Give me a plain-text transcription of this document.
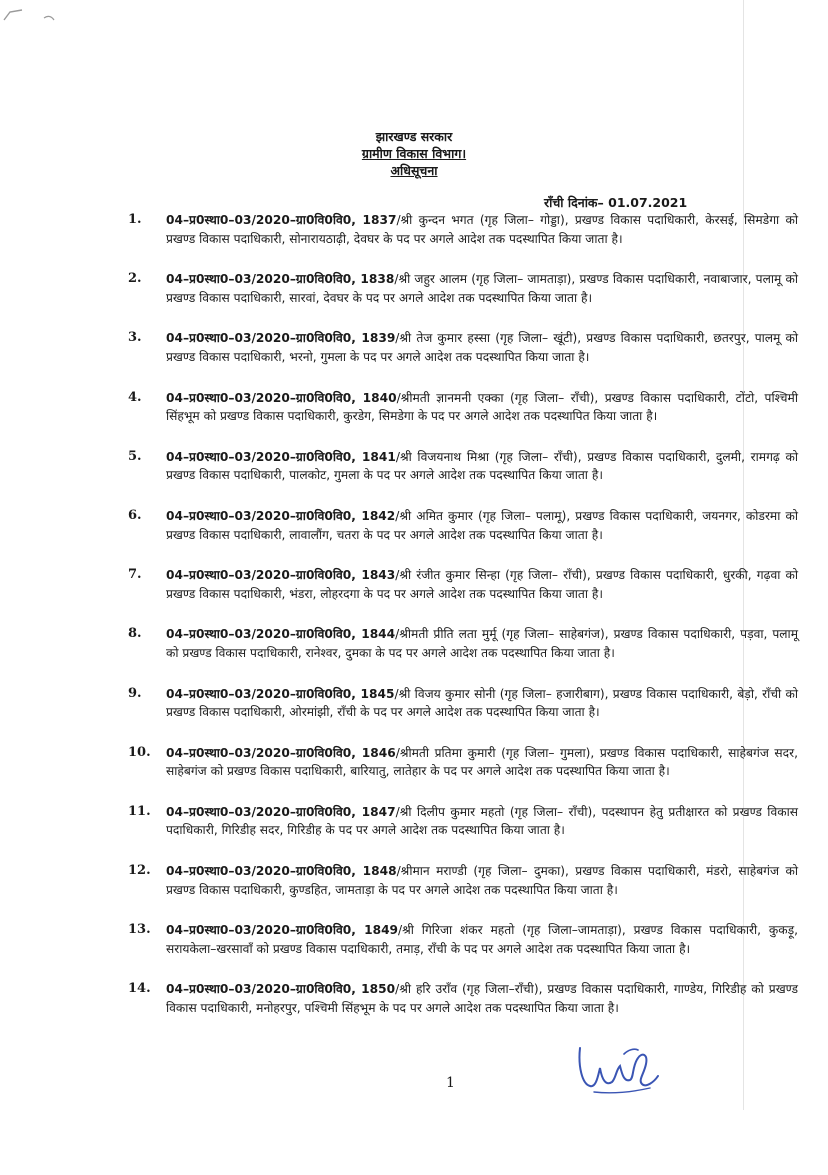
झारखण्ड सरकार
ग्रामीण विकास विभाग।
अधिसूचना
राँची दिनांक– 01.07.2021
1.	04–प्र0स्था0–03/2020–ग्रा0वि0वि0, 1837/श्री कुन्दन भगत (गृह जिला– गोड्डा), प्रखण्ड विकास पदाधिकारी, केरसई, सिमडेगा को प्रखण्ड विकास पदाधिकारी, सोनारायठाढ़ी, देवघर के पद पर अगले आदेश तक पदस्थापित किया जाता है।
2.	04–प्र0स्था0–03/2020–ग्रा0वि0वि0, 1838/श्री जहुर आलम (गृह जिला– जामताड़ा), प्रखण्ड विकास पदाधिकारी, नवाबाजार, पलामू को प्रखण्ड विकास पदाधिकारी, सारवां, देवघर के पद पर अगले आदेश तक पदस्थापित किया जाता है।
3.	04–प्र0स्था0–03/2020–ग्रा0वि0वि0, 1839/श्री तेज कुमार हस्सा (गृह जिला– खूंटी), प्रखण्ड विकास पदाधिकारी, छतरपुर, पालमू को प्रखण्ड विकास पदाधिकारी, भरनो, गुमला के पद पर अगले आदेश तक पदस्थापित किया जाता है।
4.	04–प्र0स्था0–03/2020–ग्रा0वि0वि0, 1840/श्रीमती ज्ञानमनी एक्का (गृह जिला– राँची), प्रखण्ड विकास पदाधिकारी, टोंटो, पश्चिमी सिंहभूम को प्रखण्ड विकास पदाधिकारी, कुरडेग, सिमडेगा के पद पर अगले आदेश तक पदस्थापित किया जाता है।
5.	04–प्र0स्था0–03/2020–ग्रा0वि0वि0, 1841/श्री विजयनाथ मिश्रा (गृह जिला– राँची), प्रखण्ड विकास पदाधिकारी, दुलमी, रामगढ़ को प्रखण्ड विकास पदाधिकारी, पालकोट, गुमला के पद पर अगले आदेश तक पदस्थापित किया जाता है।
6.	04–प्र0स्था0–03/2020–ग्रा0वि0वि0, 1842/श्री अमित कुमार (गृह जिला– पलामू), प्रखण्ड विकास पदाधिकारी, जयनगर, कोडरमा को प्रखण्ड विकास पदाधिकारी, लावालौंग, चतरा के पद पर अगले आदेश तक पदस्थापित किया जाता है।
7.	04–प्र0स्था0–03/2020–ग्रा0वि0वि0, 1843/श्री रंजीत कुमार सिन्हा (गृह जिला– राँची), प्रखण्ड विकास पदाधिकारी, धुरकी, गढ़वा को प्रखण्ड विकास पदाधिकारी, भंडरा, लोहरदगा के पद पर अगले आदेश तक पदस्थापित किया जाता है।
8.	04–प्र0स्था0–03/2020–ग्रा0वि0वि0, 1844/श्रीमती प्रीति लता मुर्मू (गृह जिला– साहेबगंज), प्रखण्ड विकास पदाधिकारी, पड़वा, पलामू को प्रखण्ड विकास पदाधिकारी, रानेश्वर, दुमका के पद पर अगले आदेश तक पदस्थापित किया जाता है।
9.	04–प्र0स्था0–03/2020–ग्रा0वि0वि0, 1845/श्री विजय कुमार सोनी (गृह जिला– हजारीबाग), प्रखण्ड विकास पदाधिकारी, बेड़ो, राँची को प्रखण्ड विकास पदाधिकारी, ओरमांझी, राँची के पद पर अगले आदेश तक पदस्थापित किया जाता है।
10.	04–प्र0स्था0–03/2020–ग्रा0वि0वि0, 1846/श्रीमती प्रतिमा कुमारी (गृह जिला– गुमला), प्रखण्ड विकास पदाधिकारी, साहेबगंज सदर, साहेबगंज को प्रखण्ड विकास पदाधिकारी, बारियातु, लातेहार के पद पर अगले आदेश तक पदस्थापित किया जाता है।
11.	04–प्र0स्था0–03/2020–ग्रा0वि0वि0, 1847/श्री दिलीप कुमार महतो (गृह जिला– राँची), पदस्थापन हेतु प्रतीक्षारत को प्रखण्ड विकास पदाधिकारी, गिरिडीह सदर, गिरिडीह के पद पर अगले आदेश तक पदस्थापित किया जाता है।
12.	04–प्र0स्था0–03/2020–ग्रा0वि0वि0, 1848/श्रीमान मराण्डी (गृह जिला– दुमका), प्रखण्ड विकास पदाधिकारी, मंडरो, साहेबगंज को प्रखण्ड विकास पदाधिकारी, कुण्डहित, जामताड़ा के पद पर अगले आदेश तक पदस्थापित किया जाता है।
13.	04–प्र0स्था0–03/2020–ग्रा0वि0वि0, 1849/श्री गिरिजा शंकर महतो (गृह जिला–जामताड़ा), प्रखण्ड विकास पदाधिकारी, कुकड़ू, सरायकेला–खरसावाँ को प्रखण्ड विकास पदाधिकारी, तमाड़, राँची के पद पर अगले आदेश तक पदस्थापित किया जाता है।
14.	04–प्र0स्था0–03/2020–ग्रा0वि0वि0, 1850/श्री हरि उराँव (गृह जिला–राँची), प्रखण्ड विकास पदाधिकारी, गाण्डेय, गिरिडीह को प्रखण्ड विकास पदाधिकारी, मनोहरपुर, पश्चिमी सिंहभूम के पद पर अगले आदेश तक पदस्थापित किया जाता है।
1
